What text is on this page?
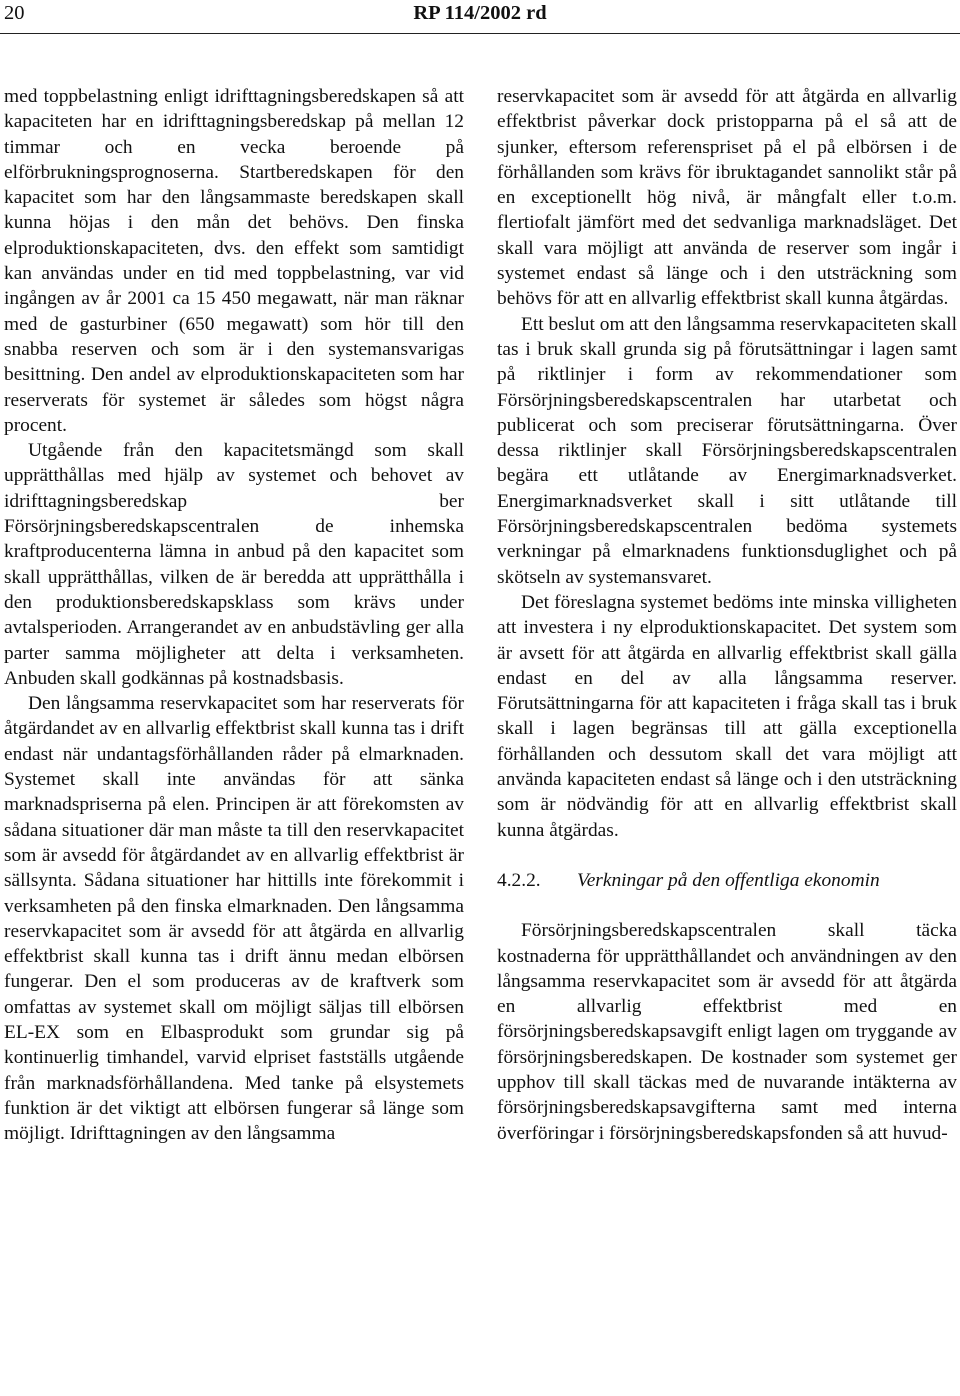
20	RP 114/2002 rd

med toppbelastning enligt idrifttagningsberedskapen så att kapaciteten har en idrifttagningsberedskap på mellan 12 timmar och en vecka beroende på elförbrukningsprognoserna. Startberedskapen för den kapacitet som har den långsammaste beredskapen skall kunna höjas i den mån det behövs. Den finska elproduktionskapaciteten, dvs. den effekt som samtidigt kan användas under en tid med toppbelastning, var vid ingången av år 2001 ca 15 450 megawatt, när man räknar med de gasturbiner (650 megawatt) som hör till den snabba reserven och som är i den systemansvarigas besittning. Den andel av elproduktionskapaciteten som har reserverats för systemet är således som högst några procent.

Utgående från den kapacitetsmängd som skall upprätthållas med hjälp av systemet och behovet av idrifttagningsberedskap ber Försörjningsberedskapscentralen de inhemska kraftproducenterna lämna in anbud på den kapacitet som skall upprätthållas, vilken de är beredda att upprätthålla i den produktionsberedskapsklass som krävs under avtalsperioden. Arrangerandet av en anbudstävling ger alla parter samma möjligheter att delta i verksamheten. Anbuden skall godkännas på kostnadsbasis.

Den långsamma reservkapacitet som har reserverats för åtgärdandet av en allvarlig effektbrist skall kunna tas i drift endast när undantagsförhållanden råder på elmarknaden. Systemet skall inte användas för att sänka marknadspriserna på elen. Principen är att förekomsten av sådana situationer där man måste ta till den reservkapacitet som är avsedd för åtgärdandet av en allvarlig effektbrist är sällsynta. Sådana situationer har hittills inte förekommit i verksamheten på den finska elmarknaden. Den långsamma reservkapacitet som är avsedd för att åtgärda en allvarlig effektbrist skall kunna tas i drift ännu medan elbörsen fungerar. Den el som produceras av de kraftverk som omfattas av systemet skall om möjligt säljas till elbörsen EL-EX som en Elbasprodukt som grundar sig på kontinuerlig timhandel, varvid elpriset fastställs utgående från marknadsförhållandena. Med tanke på elsystemets funktion är det viktigt att elbörsen fungerar så länge som möjligt. Idrifttagningen av den långsamma

reservkapacitet som är avsedd för att åtgärda en allvarlig effektbrist påverkar dock pristopparna på el så att de sjunker, eftersom referenspriset på el på elbörsen i de förhållanden som krävs för ibruktagandet sannolikt står på en exceptionellt hög nivå, är mångfalt eller t.o.m. flertiofalt jämfört med det sedvanliga marknadsläget. Det skall vara möjligt att använda de reserver som ingår i systemet endast så länge och i den utsträckning som behövs för att en allvarlig effektbrist skall kunna åtgärdas.

Ett beslut om att den långsamma reservkapaciteten skall tas i bruk skall grunda sig på förutsättningar i lagen samt på riktlinjer i form av rekommendationer som Försörjningsberedskapscentralen har utarbetat och publicerat och som preciserar förutsättningarna. Över dessa riktlinjer skall Försörjningsberedskapscentralen begära ett utlåtande av Energimarknadsverket. Energimarknadsverket skall i sitt utlåtande till Försörjningsberedskapscentralen bedöma systemets verkningar på elmarknadens funktionsduglighet och på skötseln av systemansvaret.

Det föreslagna systemet bedöms inte minska villigheten att investera i ny elproduktionskapacitet. Det system som är avsett för att åtgärda en allvarlig effektbrist skall gälla endast en del av alla långsamma reserver. Förutsättningarna för att kapaciteten i fråga skall tas i bruk skall i lagen begränsas till att gälla exceptionella förhållanden och dessutom skall det vara möjligt att använda kapaciteten endast så länge och i den utsträckning som är nödvändig för att en allvarlig effektbrist skall kunna åtgärdas.

4.2.2.	Verkningar på den offentliga ekonomin

Försörjningsberedskapscentralen skall täcka kostnaderna för upprätthållandet och användningen av den långsamma reservkapacitet som är avsedd för att åtgärda en allvarlig effektbrist med en försörjningsberedskapsavgift enligt lagen om tryggande av försörjningsberedskapen. De kostnader som systemet ger upphov till skall täckas med de nuvarande intäkterna av försörjningsberedskapsavgifterna samt med interna överföringar i försörjningsberedskapsfonden så att huvud-
